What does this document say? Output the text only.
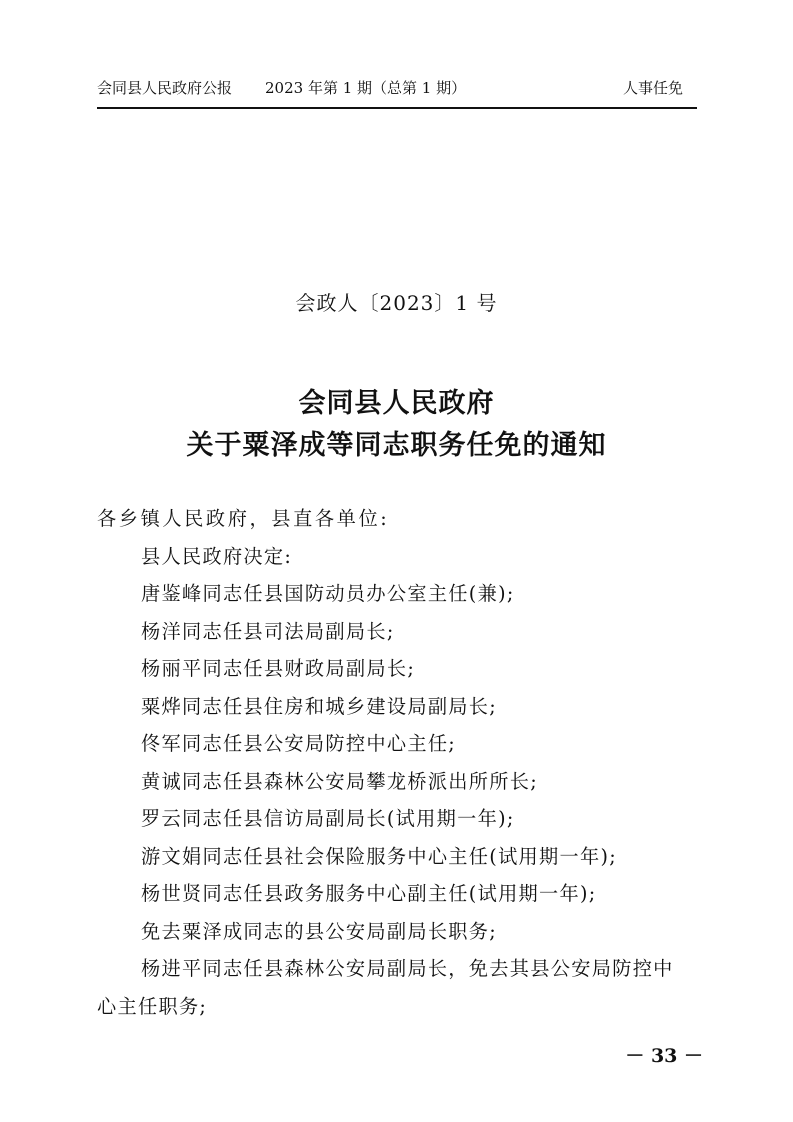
会同县人民政府公报 2023 年第 1 期（总第 1 期）	人事任免
会政人〔2023〕1 号
会同县人民政府
关于粟泽成等同志职务任免的通知
各乡镇人民政府，县直各单位:
县人民政府决定:
唐鉴峰同志任县国防动员办公室主任(兼);
杨洋同志任县司法局副局长;
杨丽平同志任县财政局副局长;
粟烨同志任县住房和城乡建设局副局长;
佟军同志任县公安局防控中心主任;
黄诚同志任县森林公安局攀龙桥派出所所长;
罗云同志任县信访局副局长(试用期一年);
游文娟同志任县社会保险服务中心主任(试用期一年);
杨世贤同志任县政务服务中心副主任(试用期一年);
免去粟泽成同志的县公安局副局长职务;
杨进平同志任县森林公安局副局长，免去其县公安局防控中
心主任职务;
－ 33 －
